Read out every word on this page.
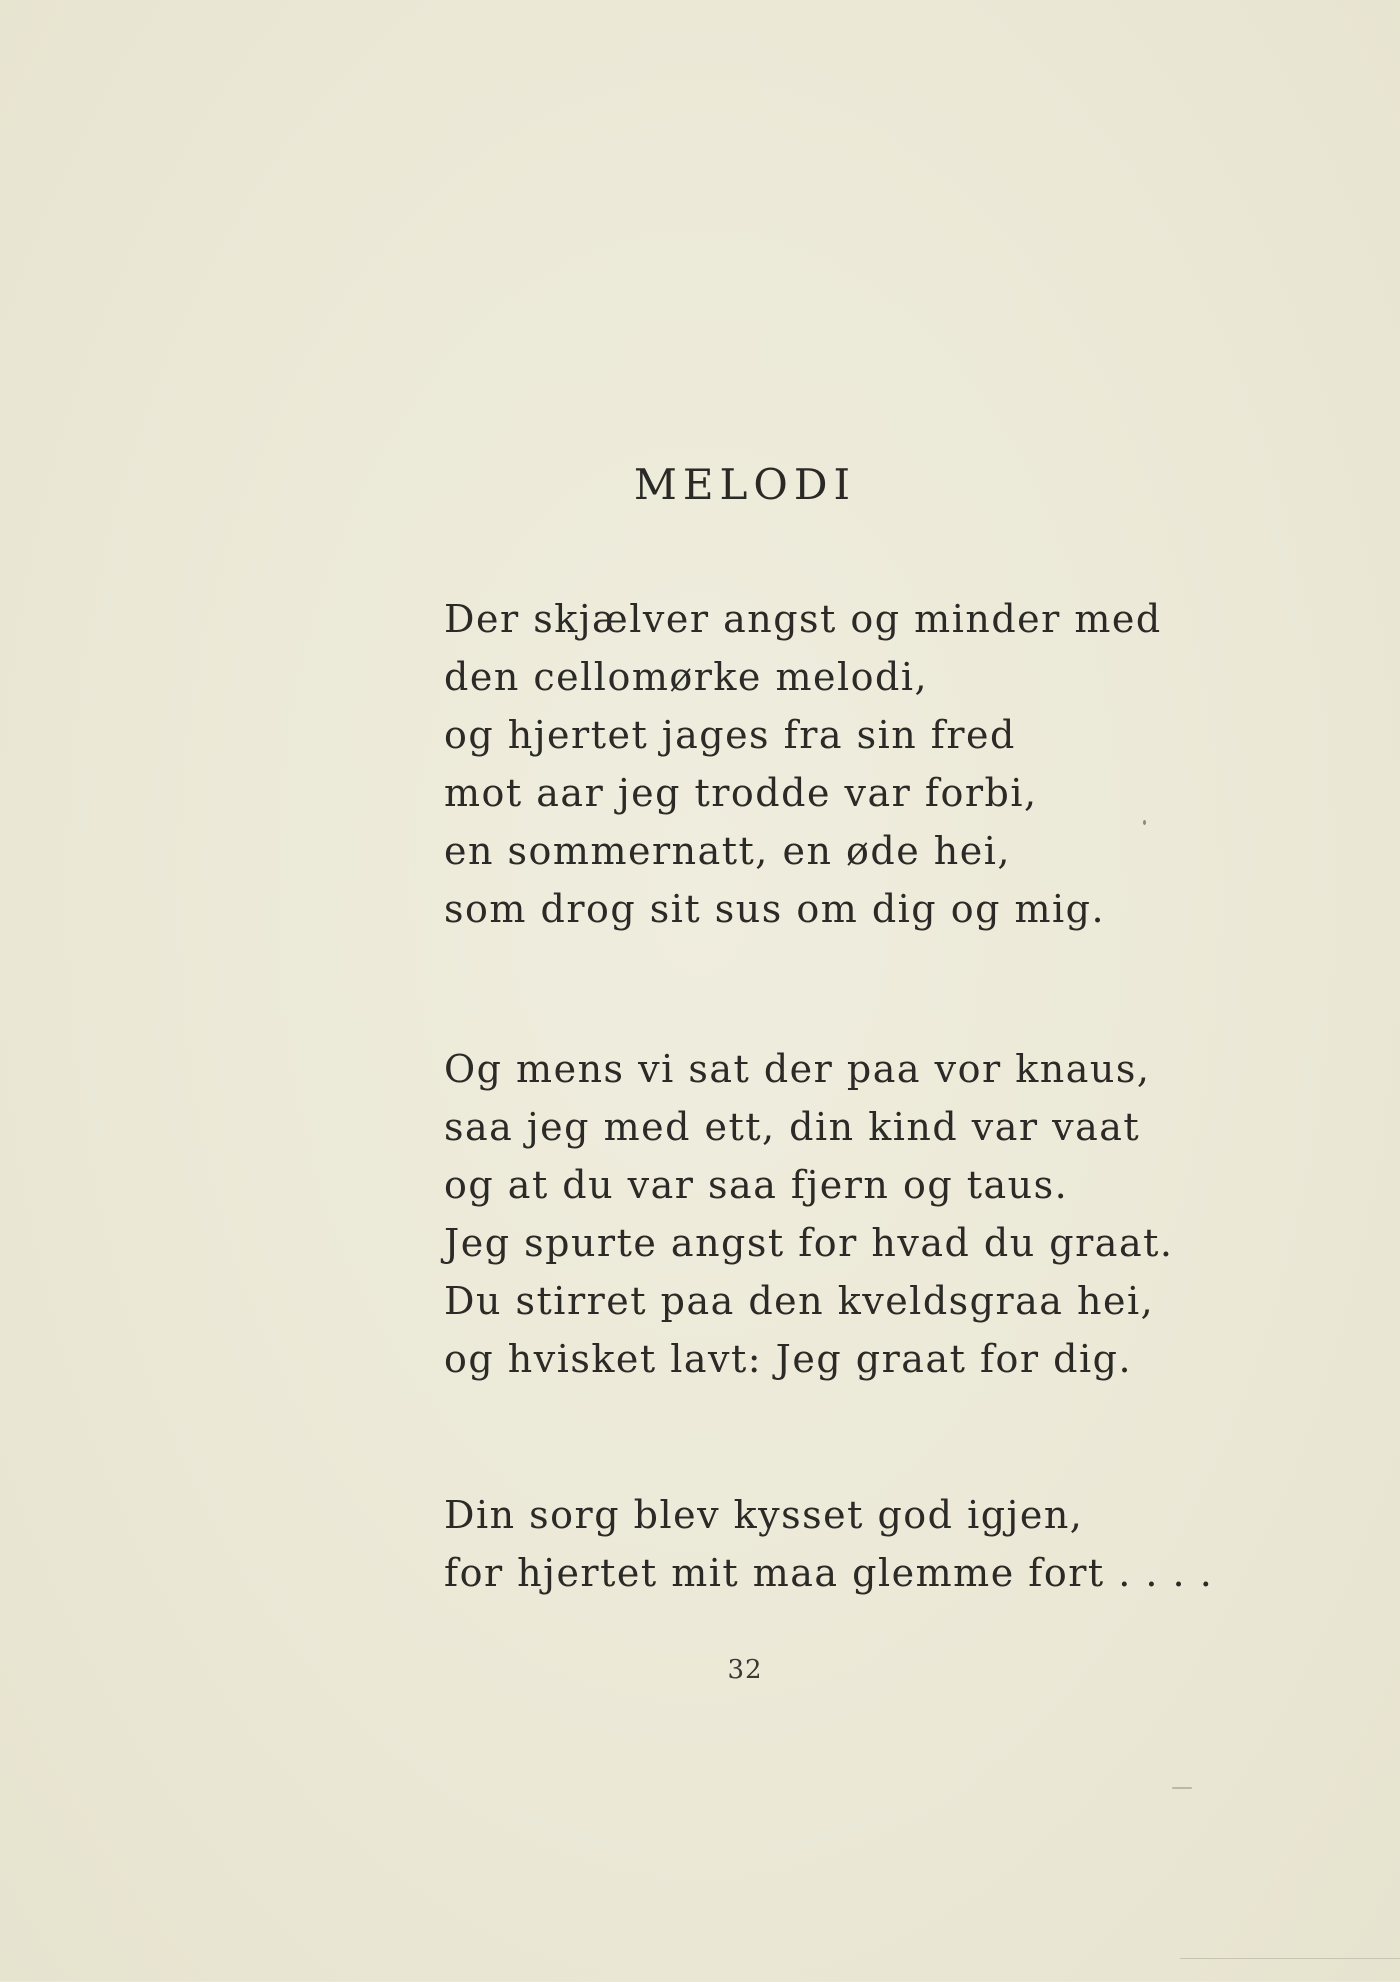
MELODI
Der skjælver angst og minder med
den cellomørke melodi,
og hjertet jages fra sin fred
mot aar jeg trodde var forbi,
en sommernatt, en øde hei,
som drog sit sus om dig og mig.
Og mens vi sat der paa vor knaus,
saa jeg med ett, din kind var vaat
og at du var saa fjern og taus.
Jeg spurte angst for hvad du graat.
Du stirret paa den kveldsgraa hei,
og hvisket lavt: Jeg graat for dig.
Din sorg blev kysset god igjen,
for hjertet mit maa glemme fort . . . .
32
